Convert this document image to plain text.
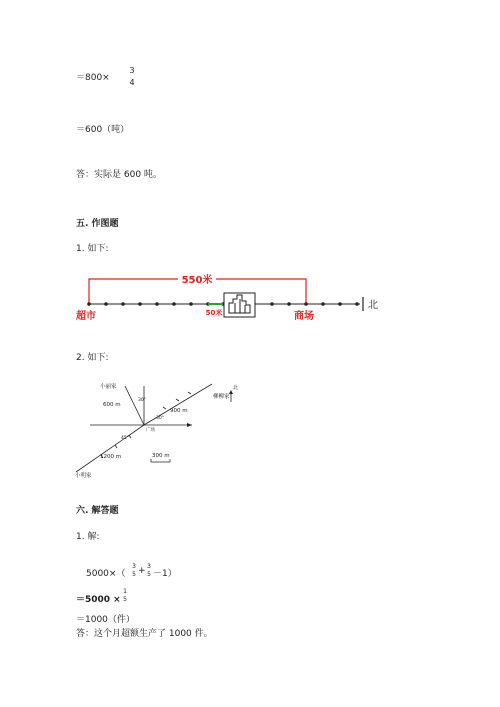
＝800×
3
4
＝600（吨）
答：实际是 600 吨。
五. 作图题
1. 如下:
550米
50米
北
超市	商场
2. 如下:
北
小丽家
600 m
30°
柳柳家
900 m
30°
广场
45°
1200 m
小明家
300 m
六. 解答题
1. 解:
5000×（
3
5 + 3
5 －1）
＝5000 ×
1
5
＝1000（件）
答：这个月超额生产了 1000 件。
